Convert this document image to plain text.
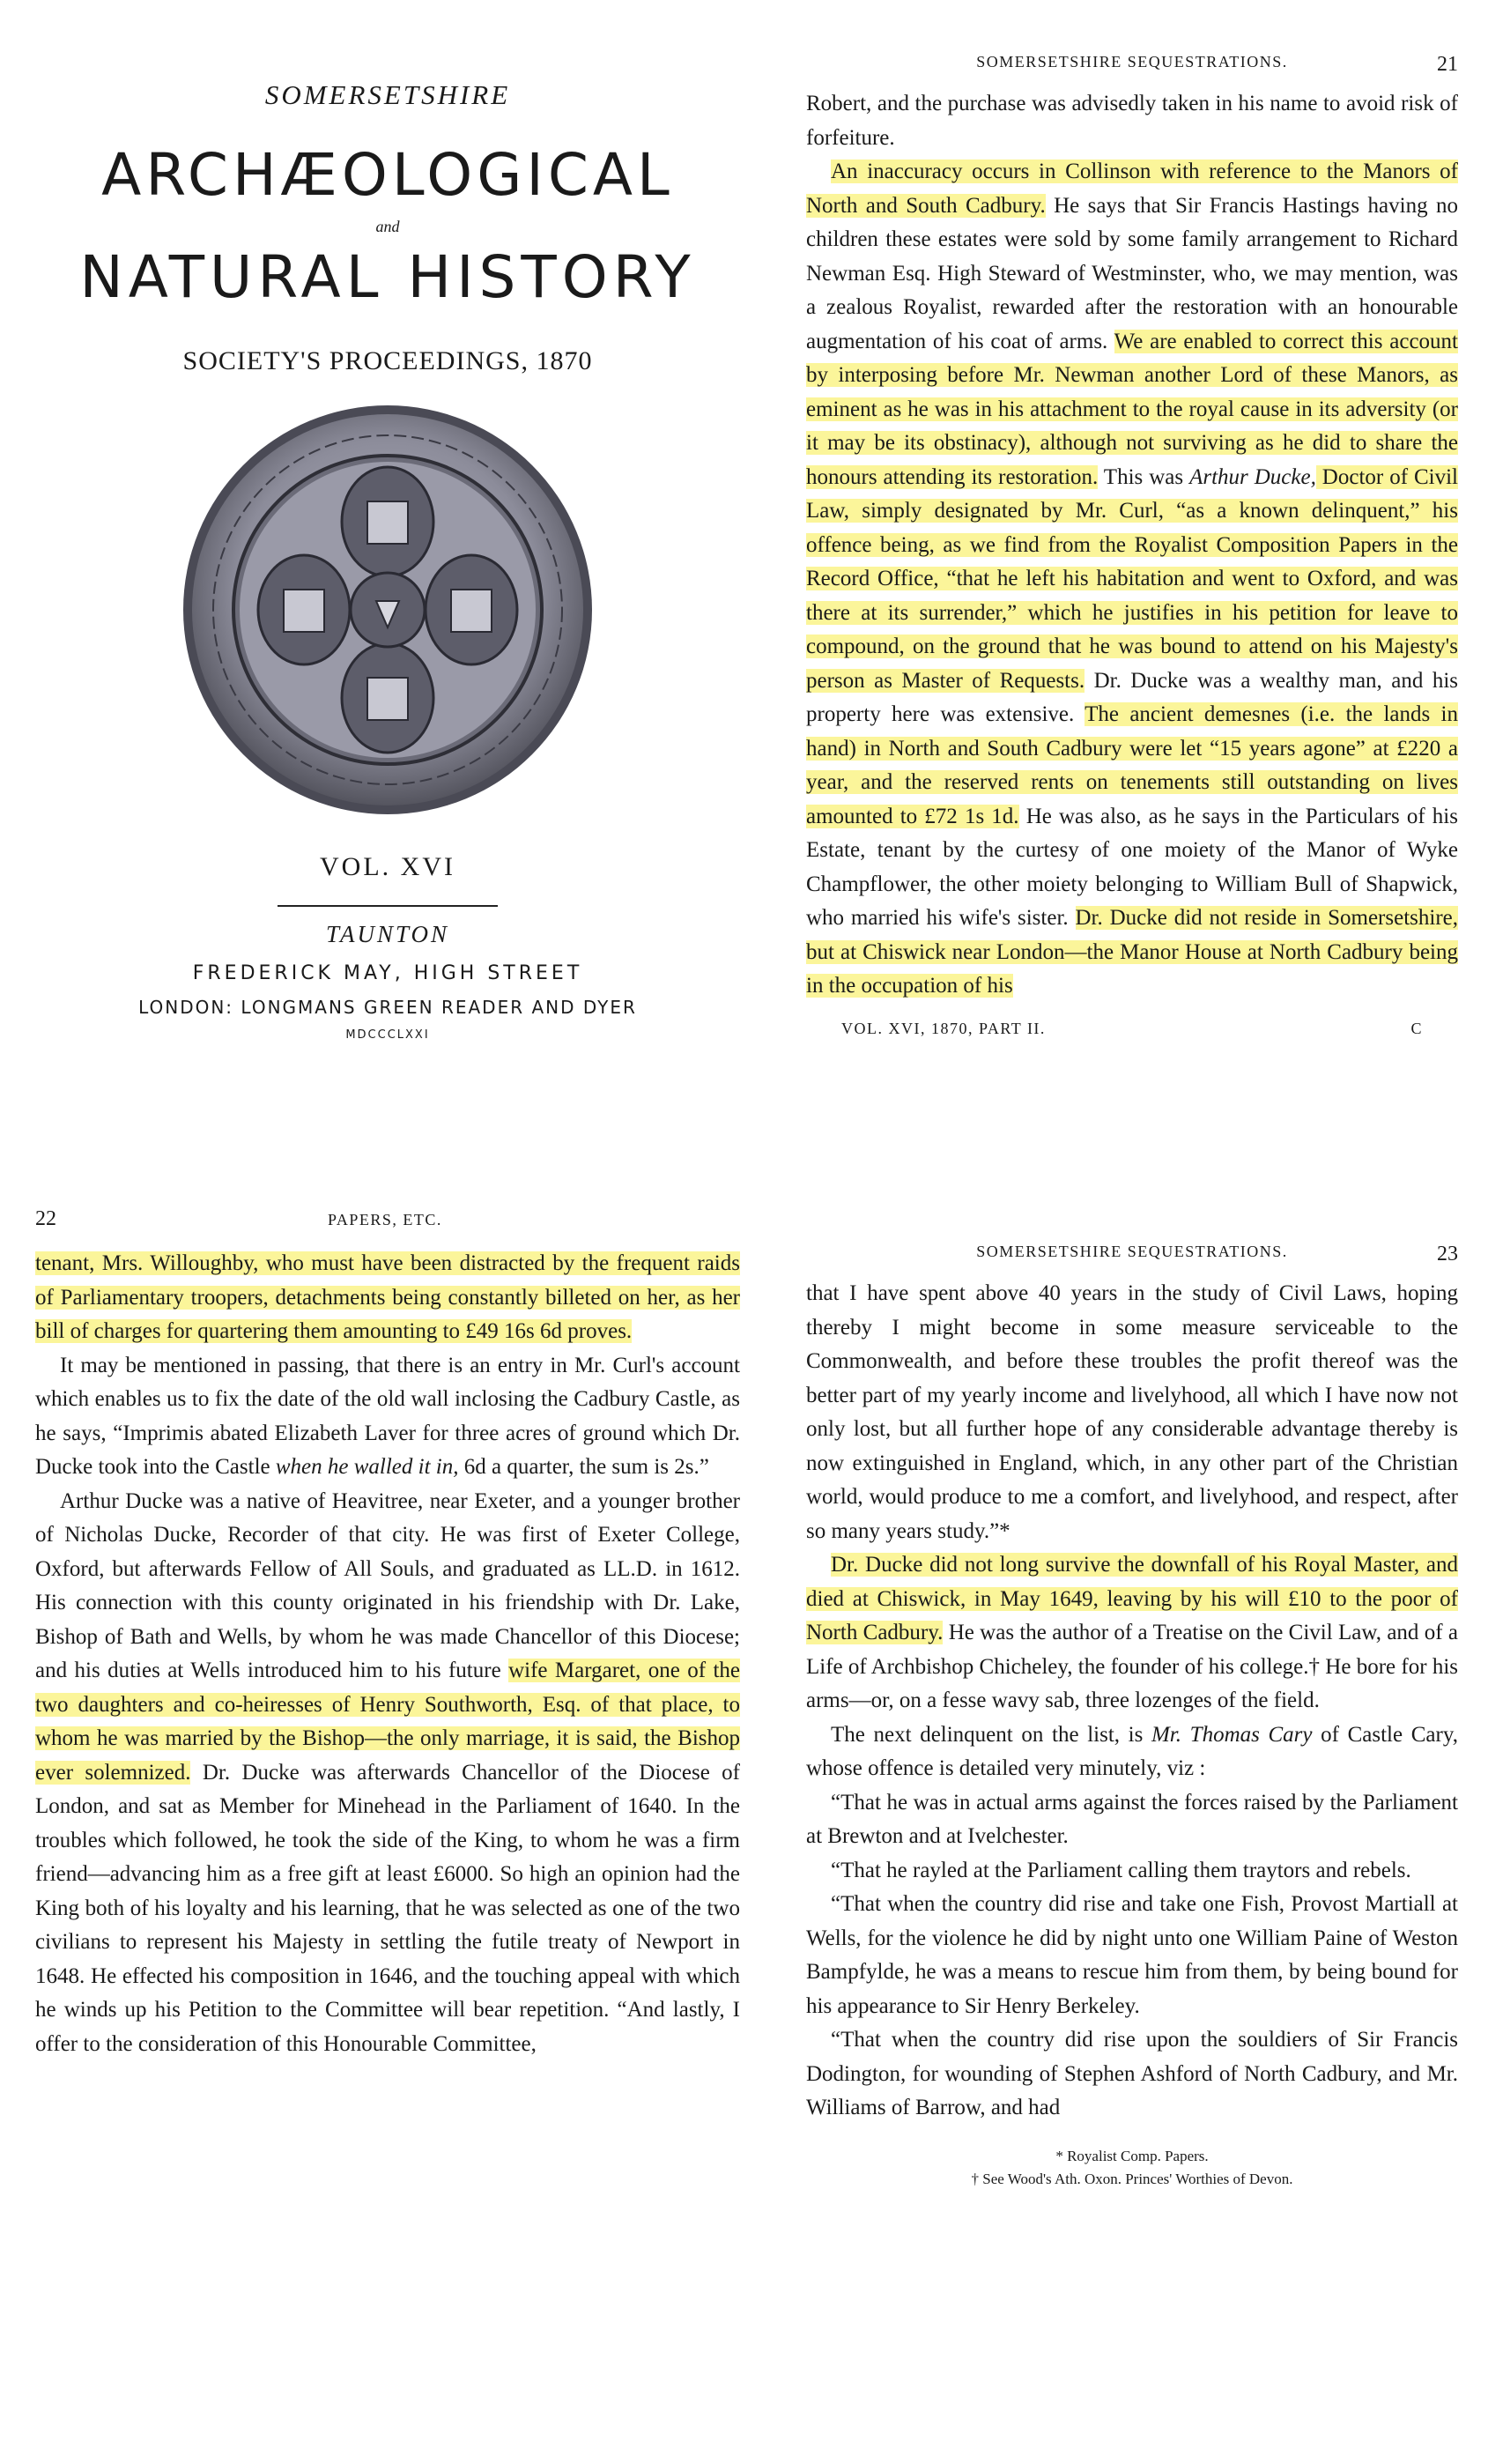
SOMERSETSHIRE
ARCHÆOLOGICAL
and
NATURAL HISTORY
SOCIETY'S PROCEEDINGS, 1870
VOL. XVI
TAUNTON
FREDERICK MAY, HIGH STREET
LONDON: LONGMANS GREEN READER AND DYER
MDCCCLXXI
SOMERSETSHIRE SEQUESTRATIONS.	21

Robert, and the purchase was advisedly taken in his name to avoid risk of forfeiture.

An inaccuracy occurs in Collinson with reference to the Manors of North and South Cadbury. He says that Sir Francis Hastings having no children these estates were sold by some family arrangement to Richard Newman Esq. High Steward of Westminster, who, we may mention, was a zealous Royalist, rewarded after the restoration with an honourable augmentation of his coat of arms. We are enabled to correct this account by interposing before Mr. Newman another Lord of these Manors, as eminent as he was in his attachment to the royal cause in its adversity (or it may be its obstinacy), although not surviving as he did to share the honours attending its restoration. This was Arthur Ducke, Doctor of Civil Law, simply designated by Mr. Curl, “as a known delinquent,” his offence being, as we find from the Royalist Composition Papers in the Record Office, “that he left his habitation and went to Oxford, and was there at its surrender,” which he justifies in his petition for leave to compound, on the ground that he was bound to attend on his Majesty's person as Master of Requests. Dr. Ducke was a wealthy man, and his property here was extensive. The ancient demesnes (i.e. the lands in hand) in North and South Cadbury were let “15 years agone” at £220 a year, and the reserved rents on tenements still outstanding on lives amounted to £72 1s 1d. He was also, as he says in the Particulars of his Estate, tenant by the curtesy of one moiety of the Manor of Wyke Champflower, the other moiety belonging to William Bull of Shapwick, who married his wife's sister. Dr. Ducke did not reside in Somersetshire, but at Chiswick near London—the Manor House at North Cadbury being in the occupation of his

VOL. XVI, 1870, PART II.	C
22	PAPERS, ETC.

tenant, Mrs. Willoughby, who must have been distracted by the frequent raids of Parliamentary troopers, detachments being constantly billeted on her, as her bill of charges for quartering them amounting to £49 16s 6d proves.

It may be mentioned in passing, that there is an entry in Mr. Curl's account which enables us to fix the date of the old wall inclosing the Cadbury Castle, as he says, “Imprimis abated Elizabeth Laver for three acres of ground which Dr. Ducke took into the Castle when he walled it in, 6d a quarter, the sum is 2s.”

Arthur Ducke was a native of Heavitree, near Exeter, and a younger brother of Nicholas Ducke, Recorder of that city. He was first of Exeter College, Oxford, but afterwards Fellow of All Souls, and graduated as LL.D. in 1612. His connection with this county originated in his friendship with Dr. Lake, Bishop of Bath and Wells, by whom he was made Chancellor of this Diocese; and his duties at Wells introduced him to his future wife Margaret, one of the two daughters and co-heiresses of Henry Southworth, Esq. of that place, to whom he was married by the Bishop—the only marriage, it is said, the Bishop ever solemnized. Dr. Ducke was afterwards Chancellor of the Diocese of London, and sat as Member for Minehead in the Parliament of 1640. In the troubles which followed, he took the side of the King, to whom he was a firm friend—advancing him as a free gift at least £6000. So high an opinion had the King both of his loyalty and his learning, that he was selected as one of the two civilians to represent his Majesty in settling the futile treaty of Newport in 1648. He effected his composition in 1646, and the touching appeal with which he winds up his Petition to the Committee will bear repetition. “And lastly, I offer to the consideration of this Honourable Committee,

SOMERSETSHIRE SEQUESTRATIONS.	23

that I have spent above 40 years in the study of Civil Laws, hoping thereby I might become in some measure serviceable to the Commonwealth, and before these troubles the profit thereof was the better part of my yearly income and livelyhood, all which I have now not only lost, but all further hope of any considerable advantage thereby is now extinguished in England, which, in any other part of the Christian world, would produce to me a comfort, and livelyhood, and respect, after so many years study.”*

Dr. Ducke did not long survive the downfall of his Royal Master, and died at Chiswick, in May 1649, leaving by his will £10 to the poor of North Cadbury. He was the author of a Treatise on the Civil Law, and of a Life of Archbishop Chicheley, the founder of his college.† He bore for his arms—or, on a fesse wavy sab, three lozenges of the field.

The next delinquent on the list, is Mr. Thomas Cary of Castle Cary, whose offence is detailed very minutely, viz :

“That he was in actual arms against the forces raised by the Parliament at Brewton and at Ivelchester.

“That he rayled at the Parliament calling them traytors and rebels.

“That when the country did rise and take one Fish, Provost Martiall at Wells, for the violence he did by night unto one William Paine of Weston Bampfylde, he was a means to rescue him from them, by being bound for his appearance to Sir Henry Berkeley.

“That when the country did rise upon the souldiers of Sir Francis Dodington, for wounding of Stephen Ashford of North Cadbury, and Mr. Williams of Barrow, and had

* Royalist Comp. Papers.
† See Wood's Ath. Oxon. Princes' Worthies of Devon.
